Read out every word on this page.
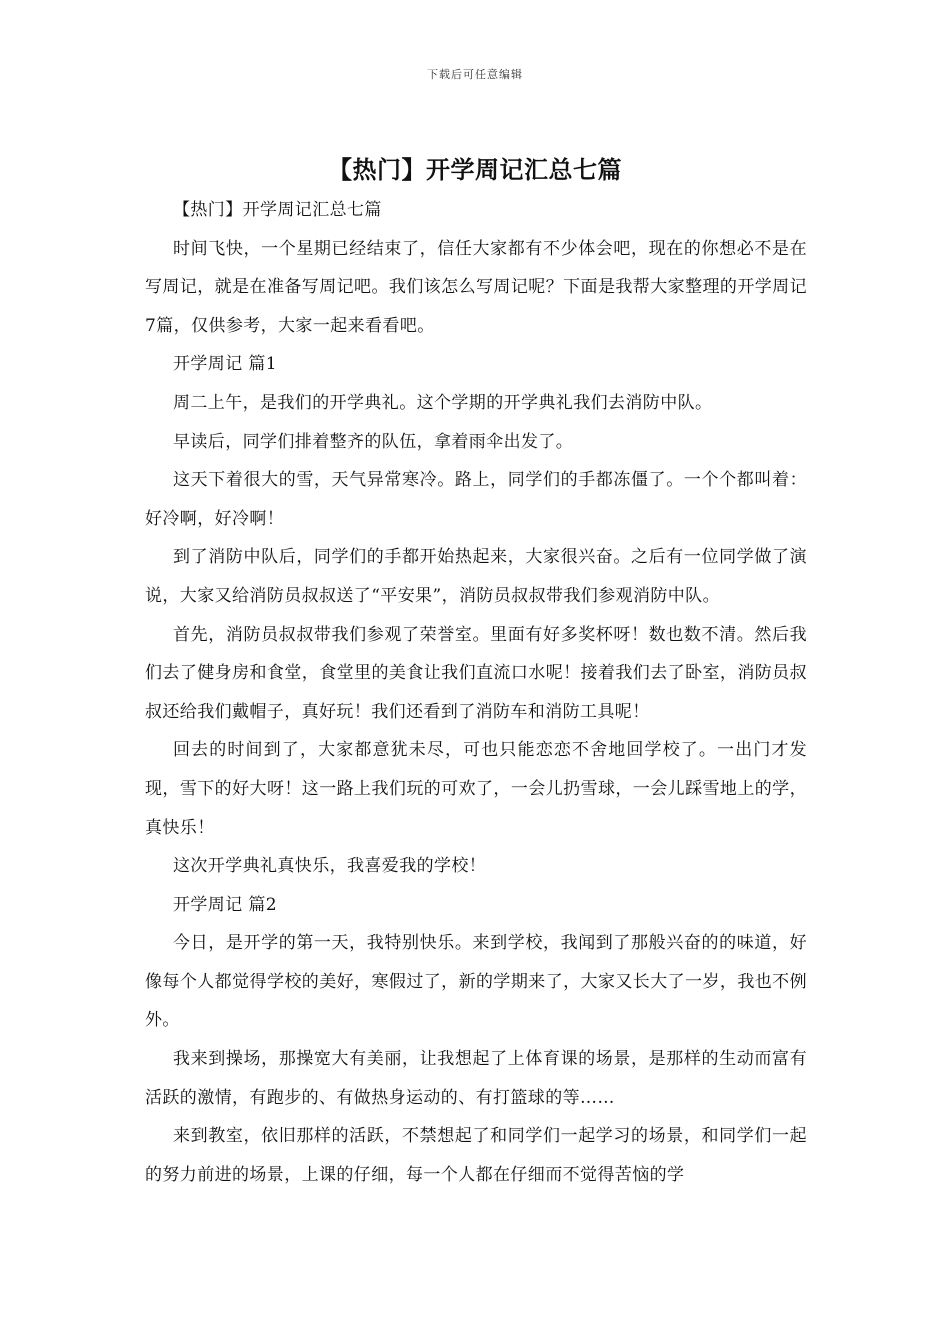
下载后可任意编辑
【热门】开学周记汇总七篇

【热门】开学周记汇总七篇

时间飞快，一个星期已经结束了，信任大家都有不少体会吧，现在的你想必不是在写周记，就是在准备写周记吧。我们该怎么写周记呢？下面是我帮大家整理的开学周记7篇，仅供参考，大家一起来看看吧。

开学周记 篇1

周二上午，是我们的开学典礼。这个学期的开学典礼我们去消防中队。

早读后，同学们排着整齐的队伍，拿着雨伞出发了。

这天下着很大的雪，天气异常寒冷。路上，同学们的手都冻僵了。一个个都叫着：好冷啊，好冷啊！

到了消防中队后，同学们的手都开始热起来，大家很兴奋。之后有一位同学做了演说，大家又给消防员叔叔送了“平安果”，消防员叔叔带我们参观消防中队。

首先，消防员叔叔带我们参观了荣誉室。里面有好多奖杯呀！数也数不清。然后我们去了健身房和食堂，食堂里的美食让我们直流口水呢！接着我们去了卧室，消防员叔叔还给我们戴帽子，真好玩！我们还看到了消防车和消防工具呢！

回去的时间到了，大家都意犹未尽，可也只能恋恋不舍地回学校了。一出门才发现，雪下的好大呀！这一路上我们玩的可欢了，一会儿扔雪球，一会儿踩雪地上的学，真快乐！

这次开学典礼真快乐，我喜爱我的学校！

开学周记 篇2

今日，是开学的第一天，我特别快乐。来到学校，我闻到了那般兴奋的的味道，好像每个人都觉得学校的美好，寒假过了，新的学期来了，大家又长大了一岁，我也不例外。

我来到操场，那操宽大有美丽，让我想起了上体育课的场景，是那样的生动而富有活跃的激情，有跑步的、有做热身运动的、有打篮球的等……

来到教室，依旧那样的活跃，不禁想起了和同学们一起学习的场景，和同学们一起的努力前进的场景，上课的仔细，每一个人都在仔细而不觉得苦恼的学
